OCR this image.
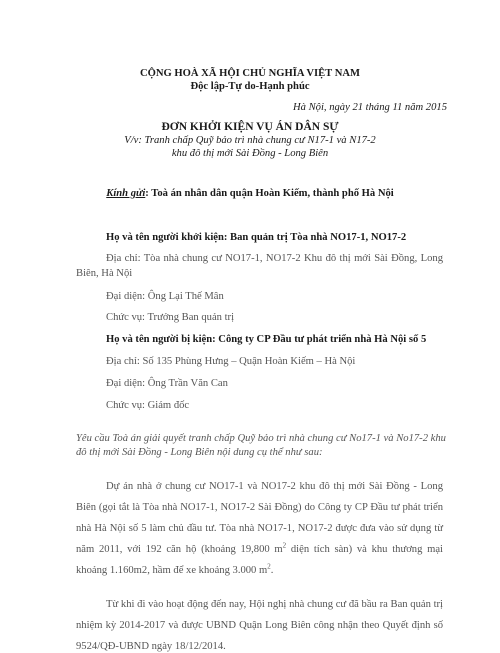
CỘNG HOÀ XÃ HỘI CHỦ NGHĨA VIỆT NAM
Độc lập-Tự do-Hạnh phúc
Hà Nội, ngày 21 tháng 11 năm 2015
ĐƠN KHỞI KIỆN VỤ ÁN DÂN SỰ
V/v: Tranh chấp Quỹ bảo trì nhà chung cư N17-1 và N17-2
khu đô thị mới Sài Đồng - Long Biên
Kính gửi: Toà án nhân dân quận Hoàn Kiếm, thành phố Hà Nội
Họ và tên người khởi kiện: Ban quản trị Tòa nhà NO17-1, NO17-2
Địa chỉ: Tòa nhà chung cư NO17-1, NO17-2 Khu đô thị mới Sài Đồng, Long
Biên, Hà Nội
Đại diện: Ông Lại Thế Mân
Chức vụ: Trưởng Ban quản trị
Họ và tên người bị kiện: Công ty CP Đầu tư phát triển nhà Hà Nội số 5
Địa chỉ: Số 135 Phùng Hưng – Quận Hoàn Kiếm – Hà Nội
Đại diện: Ông Trần Văn Can
Chức vụ: Giám đốc
Yêu cầu Toà án giải quyết tranh chấp Quỹ bảo trì nhà chung cư No17-1 và No17-2 khu
đô thị mới Sài Đồng - Long Biên nội dung cụ thể như sau:
Dự án nhà ở chung cư NO17-1 và NO17-2 khu đô thị mới Sài Đồng - Long
Biên (gọi tắt là Tòa nhà NO17-1, NO17-2 Sài Đồng) do Công ty CP Đầu tư phát triển
nhà Hà Nội số 5 làm chủ đầu tư. Tòa nhà NO17-1, NO17-2 được đưa vào sử dụng từ
năm 2011, với 192 căn hộ (khoảng 19,800 $m^2$ diện tích sàn) và khu thương mại
khoảng 1.160m2, hầm để xe khoảng 3.000 $m^2$.
Từ khi đi vào hoạt động đến nay, Hội nghị nhà chung cư đã bầu ra Ban quản trị
nhiệm kỳ 2014-2017 và được UBND Quận Long Biên công nhận theo Quyết định số
9524/QĐ-UBND ngày 18/12/2014.
